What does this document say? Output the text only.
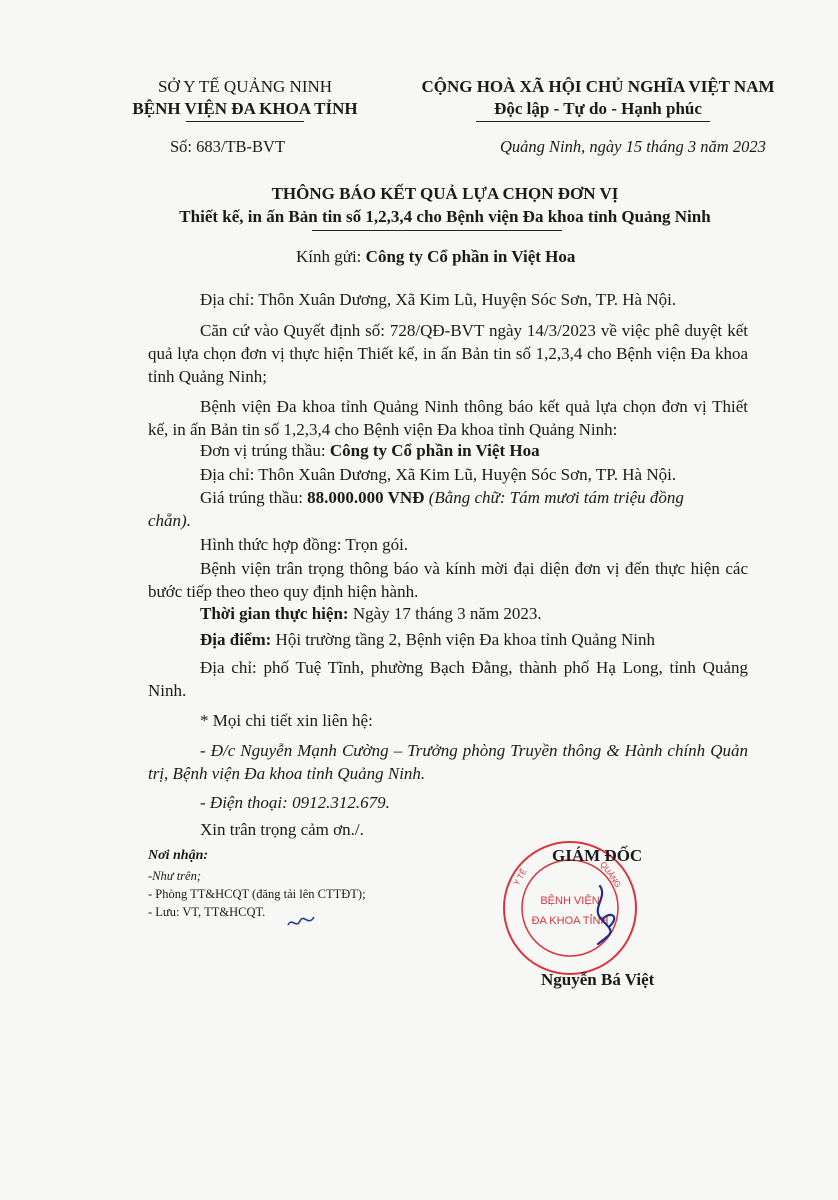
SỞ Y TẾ QUẢNG NINH
BỆNH VIỆN ĐA KHOA TỈNH
CỘNG HOÀ XÃ HỘI CHỦ NGHĨA VIỆT NAM
Độc lập - Tự do - Hạnh phúc
Số: 683/TB-BVT	Quảng Ninh, ngày 15 tháng 3 năm 2023
THÔNG BÁO KẾT QUẢ LỰA CHỌN ĐƠN VỊ
Thiết kế, in ấn Bản tin số 1,2,3,4 cho Bệnh viện Đa khoa tỉnh Quảng Ninh
Kính gửi: Công ty Cổ phần in Việt Hoa
Địa chỉ: Thôn Xuân Dương, Xã Kim Lũ, Huyện Sóc Sơn, TP. Hà Nội.
Căn cứ vào Quyết định số: 728/QĐ-BVT ngày 14/3/2023 về việc phê duyệt kết quả lựa chọn đơn vị thực hiện Thiết kế, in ấn Bản tin số 1,2,3,4 cho Bệnh viện Đa khoa tỉnh Quảng Ninh;
Bệnh viện Đa khoa tỉnh Quảng Ninh thông báo kết quả lựa chọn đơn vị Thiết kế, in ấn Bản tin số 1,2,3,4 cho Bệnh viện Đa khoa tỉnh Quảng Ninh:
Đơn vị trúng thầu: Công ty Cổ phần in Việt Hoa
Địa chỉ: Thôn Xuân Dương, Xã Kim Lũ, Huyện Sóc Sơn, TP. Hà Nội.
Giá trúng thầu: 88.000.000 VNĐ (Bằng chữ: Tám mươi tám triệu đồng
chẵn).
Hình thức hợp đồng: Trọn gói.
Bệnh viện trân trọng thông báo và kính mời đại diện đơn vị đến thực hiện các bước tiếp theo theo quy định hiện hành.
Thời gian thực hiện: Ngày 17 tháng 3 năm 2023.
Địa điểm: Hội trường tầng 2, Bệnh viện Đa khoa tỉnh Quảng Ninh
Địa chỉ: phố Tuệ Tĩnh, phường Bạch Đằng, thành phố Hạ Long, tỉnh Quảng Ninh.
* Mọi chi tiết xin liên hệ:
- Đ/c Nguyễn Mạnh Cường – Trưởng phòng Truyền thông & Hành chính Quản trị, Bệnh viện Đa khoa tỉnh Quảng Ninh.
- Điện thoại: 0912.312.679.
Xin trân trọng cảm ơn./.
Nơi nhận:
-Như trên;
- Phòng TT&HCQT (đăng tải lên CTTĐT);
- Lưu: VT, TT&HCQT.
BỆNH VIỆN
ĐA KHOA TỈNH
Y TẾ	QUẢNG
GIÁM ĐỐC
Nguyễn Bá Việt
